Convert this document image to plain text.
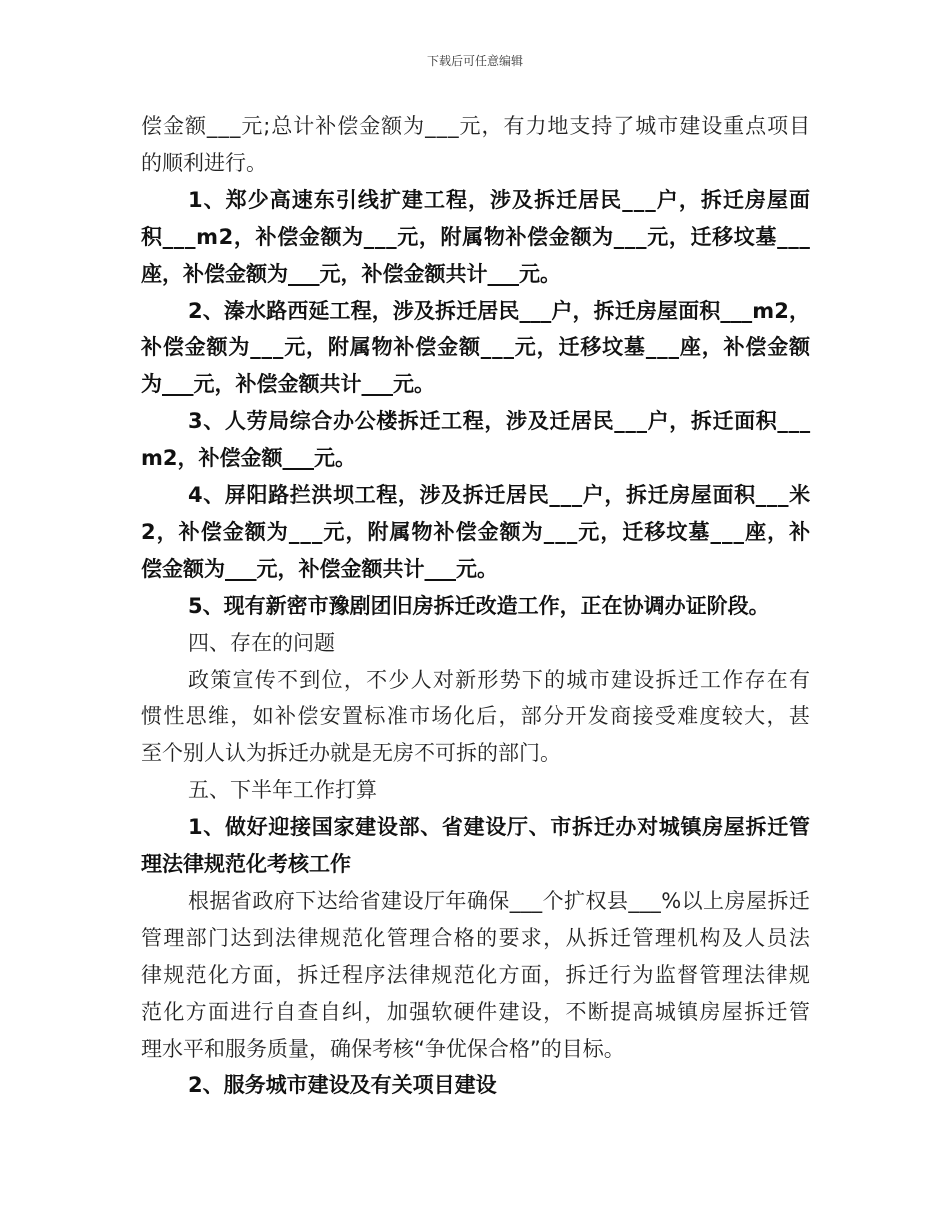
下载后可任意编辑
偿金额___元;总计补偿金额为___元，有力地支持了城市建设重点项目
的顺利进行。
1、郑少高速东引线扩建工程，涉及拆迁居民___户，拆迁房屋面
积___m2，补偿金额为___元，附属物补偿金额为___元，迁移坟墓___
座，补偿金额为___元，补偿金额共计___元。
2、溱水路西延工程，涉及拆迁居民___户，拆迁房屋面积___m2，
补偿金额为___元，附属物补偿金额___元，迁移坟墓___座，补偿金额
为___元，补偿金额共计___元。
3、人劳局综合办公楼拆迁工程，涉及迁居民___户，拆迁面积___
m2，补偿金额___元。
4、屏阳路拦洪坝工程，涉及拆迁居民___户，拆迁房屋面积___米
2，补偿金额为___元，附属物补偿金额为___元，迁移坟墓___座，补
偿金额为___元，补偿金额共计___元。
5、现有新密市豫剧团旧房拆迁改造工作，正在协调办证阶段。
四、存在的问题
政策宣传不到位，不少人对新形势下的城市建设拆迁工作存在有
惯性思维，如补偿安置标准市场化后，部分开发商接受难度较大，甚
至个别人认为拆迁办就是无房不可拆的部门。
五、下半年工作打算
1、做好迎接国家建设部、省建设厅、市拆迁办对城镇房屋拆迁管
理法律规范化考核工作
根据省政府下达给省建设厅年确保___个扩权县___%以上房屋拆迁
管理部门达到法律规范化管理合格的要求，从拆迁管理机构及人员法
律规范化方面，拆迁程序法律规范化方面，拆迁行为监督管理法律规
范化方面进行自查自纠，加强软硬件建设，不断提高城镇房屋拆迁管
理水平和服务质量，确保考核“争优保合格”的目标。
2、服务城市建设及有关项目建设
